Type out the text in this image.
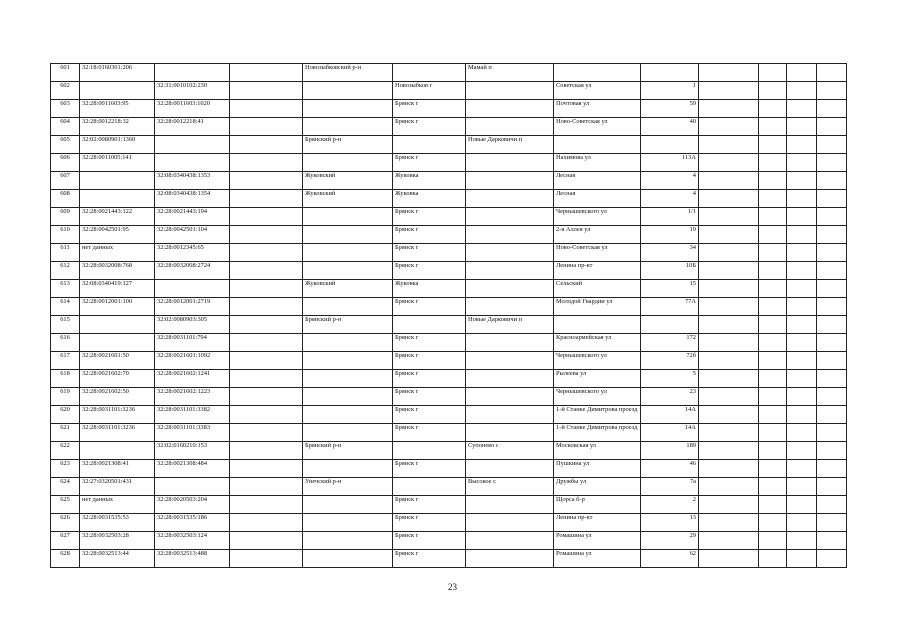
601	32:18:0160301:206			Новозыбковский р-н		Мамай п						
602		32:31:0010102:230			Новозыбков г		Советская ул	1				
603	32:28:0011603:95	32:28:0011603:1020			Брянск г		Почтовая ул	59				
604	32:28:0012218:32	32:28:0012218:41			Брянск г		Ново-Советская ул	40				
605	32:02:0080901:1360			Брянский р-н		Новые Дарковичи п						
606	32:28:0011005:141				Брянск г		Нахимова ул	113А				
607		32:08:0340438:1353		Жуковский	Жуковка		Лесная	4				
608		32:08:0340438:1354		Жуковский	Жуковка		Лесная	4				
609	32:28:0021443:122	32:28:0021443:194			Брянск г		Чернышевского ул	1/1				
610	32:28:0042501:95	32:28:0042501:104			Брянск г		2-я Аллея ул	19				
611	нет данных	32:28:0012345:65			Брянск г		Ново-Советская ул	34				
612	32:28:0032008:768	32:28:0032008:2724			Брянск г		Ленина пр-кт	10Б				
613	32:08:0340419:127			Жуковский	Жуковка		Сельский	15				
614	32:28:0012001:100	32:28:0012001:2719			Брянск г		Молодой Гвардии ул	77А				
615		32:02:0080903:305		Брянский р-н		Новые Дарковичи п						
616		32:28:0031101:794			Брянск г		Красноармейская ул	172				
617	32:28:0021601:50	32:28:0021601:1092			Брянск г		Чернышевского ул	72б				
618	32:28:0021602:70	32:28:0021602:1241			Брянск г		Рылеева ул	5				
619	32:28:0021602:50	32:28:0021602:1223			Брянск г		Чернышевского ул	23				
620	32:28:0031101:3236	32:28:0031101:3382			Брянск г		1-й Станке Димитрова проезд	14А				
621	32:28:0031101:3236	32:28:0031101:3383			Брянск г		1-й Станке Димитрова проезд	14А				
622		32:02:0160210:153		Брянский р-н		Супонево с	Московская ул	189				
623	32:28:0021308:41	32:28:0021308:484			Брянск г		Пушкина ул	46				
624	32:27:0320501:431			Унечский р-н		Высокое с	Дружбы ул	7а				
625	нет данных	32:28:0020503:204			Брянск г		Щорса б-р	2				
626	32:28:0031535:53	32:28:0031535:186			Брянск г		Ленина пр-кт	13				
627	32:28:0032503:28	32:28:0032503:124			Брянск г		Ромашина ул	29				
628	32:28:0032513:44	32:28:0032513:488			Брянск г		Ромашина ул	62				
23
